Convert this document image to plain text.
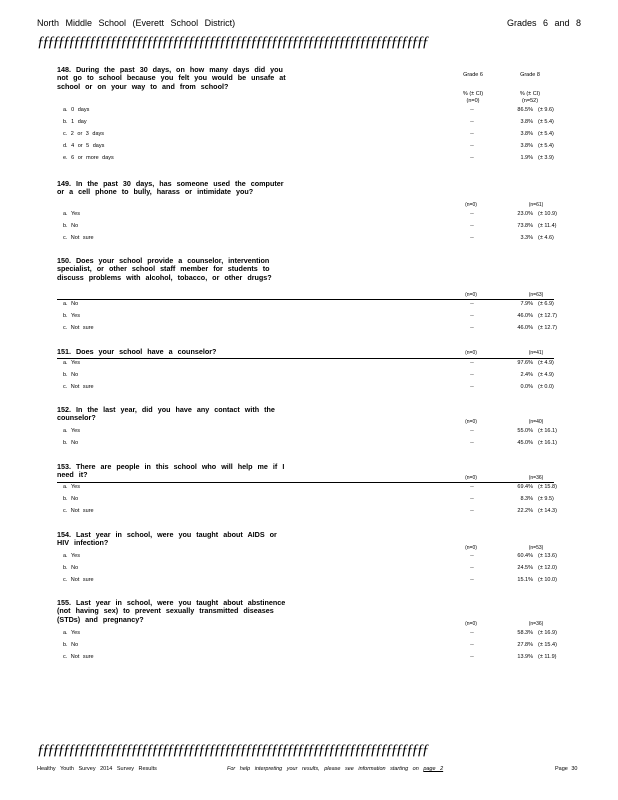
North Middle School (Everett School District)	Grades 6 and 8
ƒƒƒƒƒƒƒƒƒƒƒƒƒƒƒƒƒƒƒƒƒƒƒƒƒƒƒƒƒƒƒƒƒƒƒƒƒƒƒƒƒƒƒƒƒƒƒƒƒƒƒƒƒƒƒƒƒƒƒƒƒƒƒƒƒƒƒƒƒƒƒƒƒƒƒ
Grade 6	Grade 8
% (± CI)	% (± CI)
(n=0)	(n=52)
148. During the past 30 days, on how many days did you not go to school because you felt you would be unsafe at school or on your way to and from school?
a. 0 days	--	86.5% (± 9.6)
b. 1 day	--	3.8% (± 5.4)
c. 2 or 3 days	--	3.8% (± 5.4)
d. 4 or 5 days	--	3.8% (± 5.4)
e. 6 or more days	--	1.9% (± 3.9)
149. In the past 30 days, has someone used the computer or a cell phone to bully, harass or intimidate you?
(n=0)	(n=61)
a. Yes	--	23.0% (± 10.9)
b. No	--	73.8% (± 11.4)
c. Not sure	--	3.3% (± 4.6)
150. Does your school provide a counselor, intervention specialist, or other school staff member for students to discuss problems with alcohol, tobacco, or other drugs?
(n=0)	(n=63)
a. No	--	7.9% (± 6.9)
b. Yes	--	46.0% (± 12.7)
c. Not sure	--	46.0% (± 12.7)
151. Does your school have a counselor?	(n=0)	(n=41)
a. Yes	--	97.6% (± 4.9)
b. No	--	2.4% (± 4.9)
c. Not sure	--	0.0% (± 0.0)
152. In the last year, did you have any contact with the counselor?	(n=0)	(n=40)
a. Yes	--	55.0% (± 16.1)
b. No	--	45.0% (± 16.1)
153. There are people in this school who will help me if I need it?	(n=0)	(n=36)
a. Yes	--	69.4% (± 15.8)
b. No	--	8.3% (± 9.5)
c. Not sure	--	22.2% (± 14.3)
154. Last year in school, were you taught about AIDS or HIV infection?
(n=0)	(n=53)
a. Yes	--	60.4% (± 13.6)
b. No	--	24.5% (± 12.0)
c. Not sure	--	15.1% (± 10.0)
155. Last year in school, were you taught about abstinence (not having sex) to prevent sexually transmitted diseases (STDs) and pregnancy?
(n=0)	(n=36)
a. Yes	--	58.3% (± 16.9)
b. No	--	27.8% (± 15.4)
c. Not sure	--	13.9% (± 11.9)
ƒƒƒƒƒƒƒƒƒƒƒƒƒƒƒƒƒƒƒƒƒƒƒƒƒƒƒƒƒƒƒƒƒƒƒƒƒƒƒƒƒƒƒƒƒƒƒƒƒƒƒƒƒƒƒƒƒƒƒƒƒƒƒƒƒƒƒƒƒƒƒƒƒƒƒ
Healthy Youth Survey 2014 Survey Results	For help interpreting your results, please see information starting on page 2	Page 30
